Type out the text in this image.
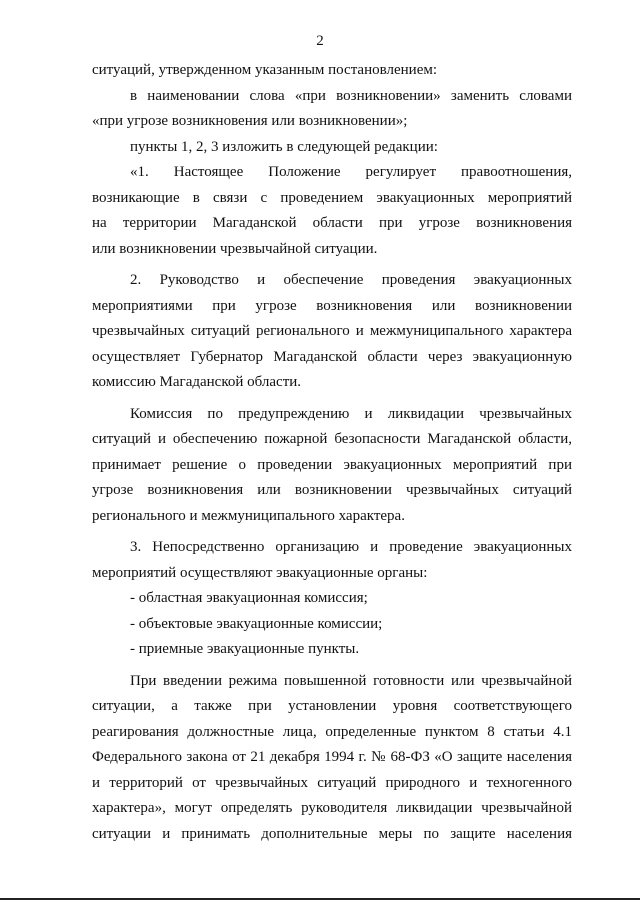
2
ситуаций, утвержденном указанным постановлением:
в наименовании слова «при возникновении» заменить словами
«при угрозе возникновения или возникновении»;
пункты 1, 2, 3 изложить в следующей редакции:
«1. Настоящее Положение регулирует правоотношения,
возникающие в связи с проведением эвакуационных мероприятий
на территории Магаданской области при угрозе возникновения
или возникновении чрезвычайной ситуации.
2. Руководство и обеспечение проведения эвакуационных
мероприятиями при угрозе возникновения или возникновении
чрезвычайных ситуаций регионального и межмуниципального характера
осуществляет Губернатор Магаданской области через эвакуационную
комиссию Магаданской области.
Комиссия по предупреждению и ликвидации чрезвычайных
ситуаций и обеспечению пожарной безопасности Магаданской области,
принимает решение о проведении эвакуационных мероприятий при
угрозе возникновения или возникновении чрезвычайных ситуаций
регионального и межмуниципального характера.
3. Непосредственно организацию и проведение эвакуационных
мероприятий осуществляют эвакуационные органы:
- областная эвакуационная комиссия;
- объектовые эвакуационные комиссии;
- приемные эвакуационные пункты.
При введении режима повышенной готовности или чрезвычайной
ситуации, а также при установлении уровня соответствующего
реагирования должностные лица, определенные пунктом 8 статьи 4.1
Федерального закона от 21 декабря 1994 г. № 68-ФЗ «О защите населения
и территорий от чрезвычайных ситуаций природного и техногенного
характера», могут определять руководителя ликвидации чрезвычайной
ситуации и принимать дополнительные меры по защите населения
